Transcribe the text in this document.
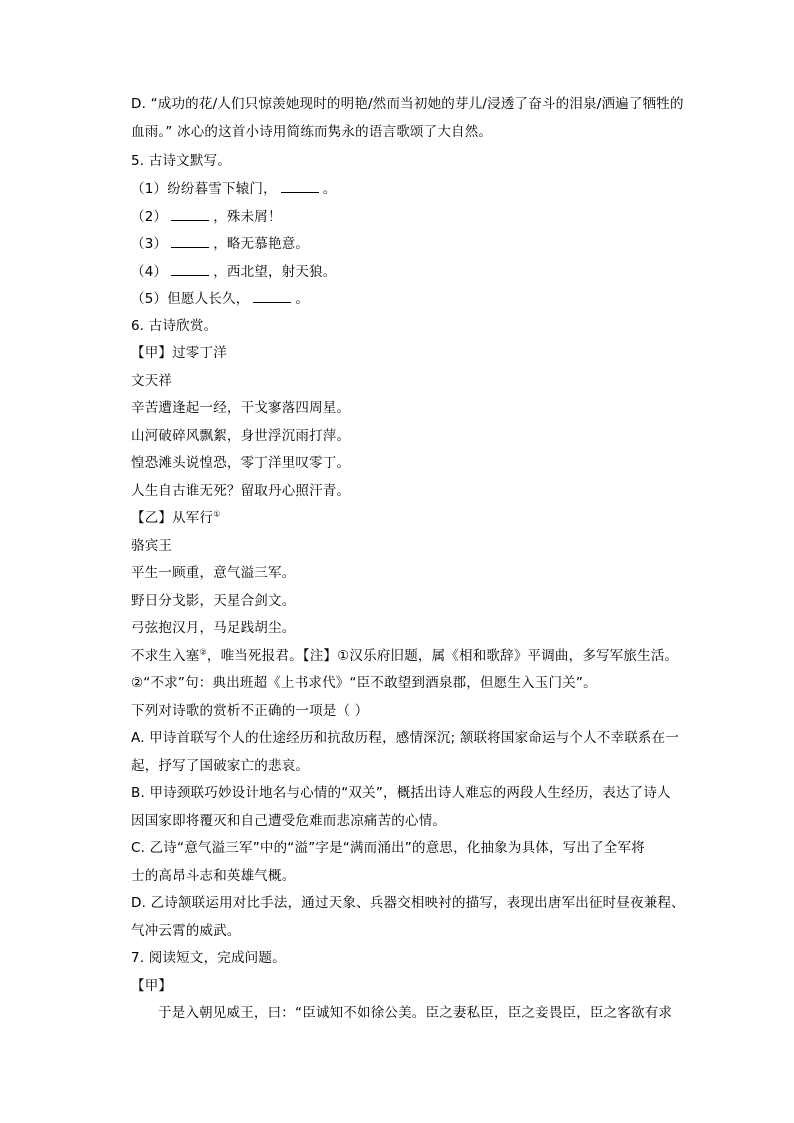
D. “成功的花/人们只惊羡她现时的明艳/然而当初她的芽儿/浸透了奋斗的泪泉/洒遍了牺牲的
血雨。” 冰心的这首小诗用简练而隽永的语言歌颂了大自然。
5. 古诗文默写。
（1）纷纷暮雪下辕门，	。
（2）	，殊未屑！
（3）	，略无慕艳意。
（4）	，西北望，射天狼。
（5）但愿人长久，	。
6. 古诗欣赏。
【甲】过零丁洋
文天祥
辛苦遭逢起一经，干戈寥落四周星。
山河破碎风飘絮，身世浮沉雨打萍。
惶恐滩头说惶恐，零丁洋里叹零丁。
人生自古谁无死？留取丹心照汗青。
【乙】从军行①
骆宾王
平生一顾重，意气溢三军。
野日分戈影，天星合剑文。
弓弦抱汉月，马足践胡尘。
不求生入塞②，唯当死报君。【注】①汉乐府旧题，属《相和歌辞》平调曲，多写军旅生活。
②“不求”句：典出班超《上书求代》“臣不敢望到酒泉郡，但愿生入玉门关”。
下列对诗歌的赏析不正确的一项是（ ）
A. 甲诗首联写个人的仕途经历和抗敌历程，感情深沉; 颔联将国家命运与个人不幸联系在一
起，抒写了国破家亡的悲哀。
B. 甲诗颈联巧妙设计地名与心情的“双关”，概括出诗人难忘的两段人生经历，表达了诗人
因国家即将覆灭和自己遭受危难而悲凉痛苦的心情。
C. 乙诗“意气溢三军”中的“溢”字是“满而涌出”的意思，化抽象为具体，写出了全军将
士的高昂斗志和英雄气概。
D. 乙诗颔联运用对比手法，通过天象、兵器交相映衬的描写，表现出唐军出征时昼夜兼程、
气冲云霄的威武。
7. 阅读短文，完成问题。
【甲】
于是入朝见威王，曰：“臣诚知不如徐公美。臣之妻私臣，臣之妾畏臣，臣之客欲有求
